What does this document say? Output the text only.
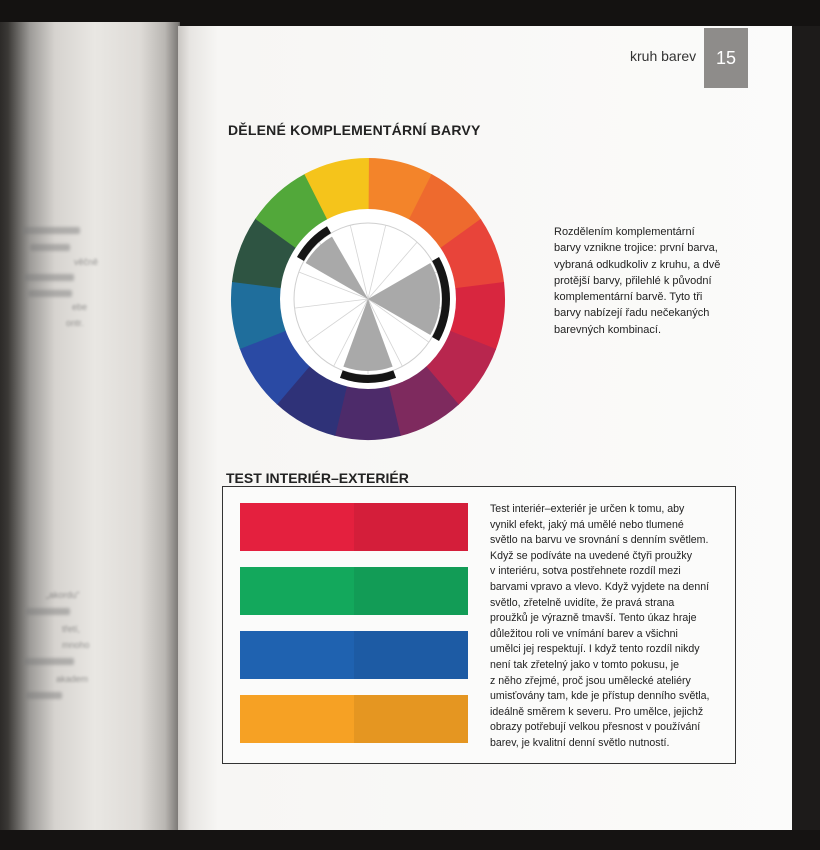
věčně
ebe
ontr.
„akordu“
třetí,
mnoho
akadem
kruh barev 15
DĚLENÉ KOMPLEMENTÁRNÍ BARVY
Rozdělením komplementární
barvy vznikne trojice: první barva,
vybraná odkudkoliv z kruhu, a dvě
protější barvy, přilehlé k původní
komplementární barvě. Tyto tři
barvy nabízejí řadu nečekaných
barevných kombinací.
TEST INTERIÉR–EXTERIÉR
Test interiér–exteriér je určen k tomu, aby
vynikl efekt, jaký má umělé nebo tlumené
světlo na barvu ve srovnání s denním světlem.
Když se podíváte na uvedené čtyři proužky
v interiéru, sotva postřehnete rozdíl mezi
barvami vpravo a vlevo. Když vyjdete na denní
světlo, zřetelně uvidíte, že pravá strana
proužků je výrazně tmavší. Tento úkaz hraje
důležitou roli ve vnímání barev a všichni
umělci jej respektují. I když tento rozdíl nikdy
není tak zřetelný jako v tomto pokusu, je
z něho zřejmé, proč jsou umělecké ateliéry
umisťovány tam, kde je přístup denního světla,
ideálně směrem k severu. Pro umělce, jejichž
obrazy potřebují velkou přesnost v používání
barev, je kvalitní denní světlo nutností.
